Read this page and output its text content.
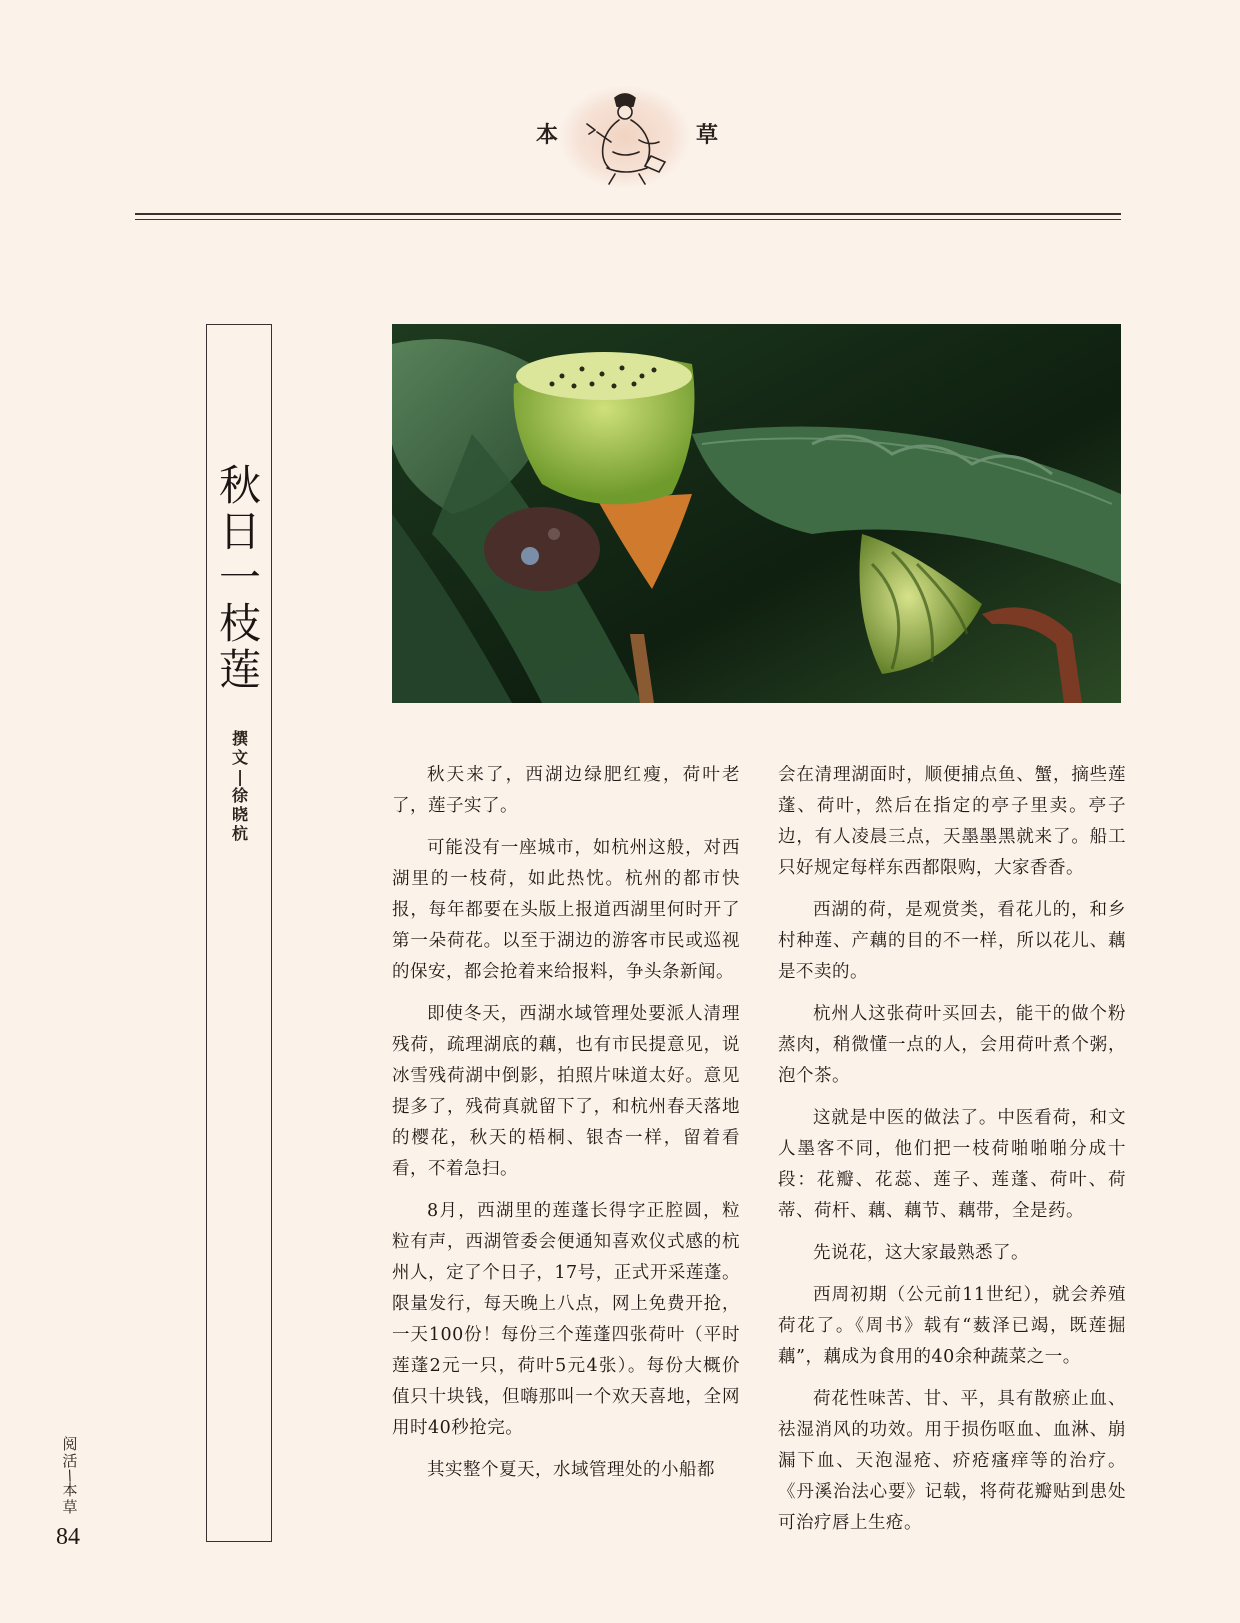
本	草
秋
日
一
枝
莲
撰
文
|
徐
晓
杭

秋天来了，西湖边绿肥红瘦，荷叶老了，莲子实了。

可能没有一座城市，如杭州这般，对西湖里的一枝荷，如此热忱。杭州的都市快报，每年都要在头版上报道西湖里何时开了第一朵荷花。以至于湖边的游客市民或巡视的保安，都会抢着来给报料，争头条新闻。

即使冬天，西湖水域管理处要派人清理残荷，疏理湖底的藕，也有市民提意见，说冰雪残荷湖中倒影，拍照片味道太好。意见提多了，残荷真就留下了，和杭州春天落地的樱花，秋天的梧桐、银杏一样，留着看看，不着急扫。

8月，西湖里的莲蓬长得字正腔圆，粒粒有声，西湖管委会便通知喜欢仪式感的杭州人，定了个日子，17号，正式开采莲蓬。限量发行，每天晚上八点，网上免费开抢，一天100份！每份三个莲蓬四张荷叶（平时莲蓬2元一只，荷叶5元4张）。每份大概价值只十块钱，但嗨那叫一个欢天喜地，全网用时40秒抢完。

其实整个夏天，水域管理处的小船都

会在清理湖面时，顺便捕点鱼、蟹，摘些莲蓬、荷叶，然后在指定的亭子里卖。亭子边，有人凌晨三点，天墨墨黑就来了。船工只好规定每样东西都限购，大家香香。

西湖的荷，是观赏类，看花儿的，和乡村种莲、产藕的目的不一样，所以花儿、藕是不卖的。

杭州人这张荷叶买回去，能干的做个粉蒸肉，稍微懂一点的人，会用荷叶煮个粥，泡个茶。

这就是中医的做法了。中医看荷，和文人墨客不同，他们把一枝荷啪啪啪分成十段：花瓣、花蕊、莲子、莲蓬、荷叶、荷蒂、荷杆、藕、藕节、藕带，全是药。

先说花，这大家最熟悉了。

西周初期（公元前11世纪），就会养殖荷花了。《周书》载有“薮泽已竭，既莲掘藕”，藕成为食用的40余种蔬菜之一。

荷花性味苦、甘、平，具有散瘀止血、祛湿消风的功效。用于损伤呕血、血淋、崩漏下血、天泡湿疮、疥疮瘙痒等的治疗。《丹溪治法心要》记载，将荷花瓣贴到患处可治疗唇上生疮。

阅
活
/
本
草
84
